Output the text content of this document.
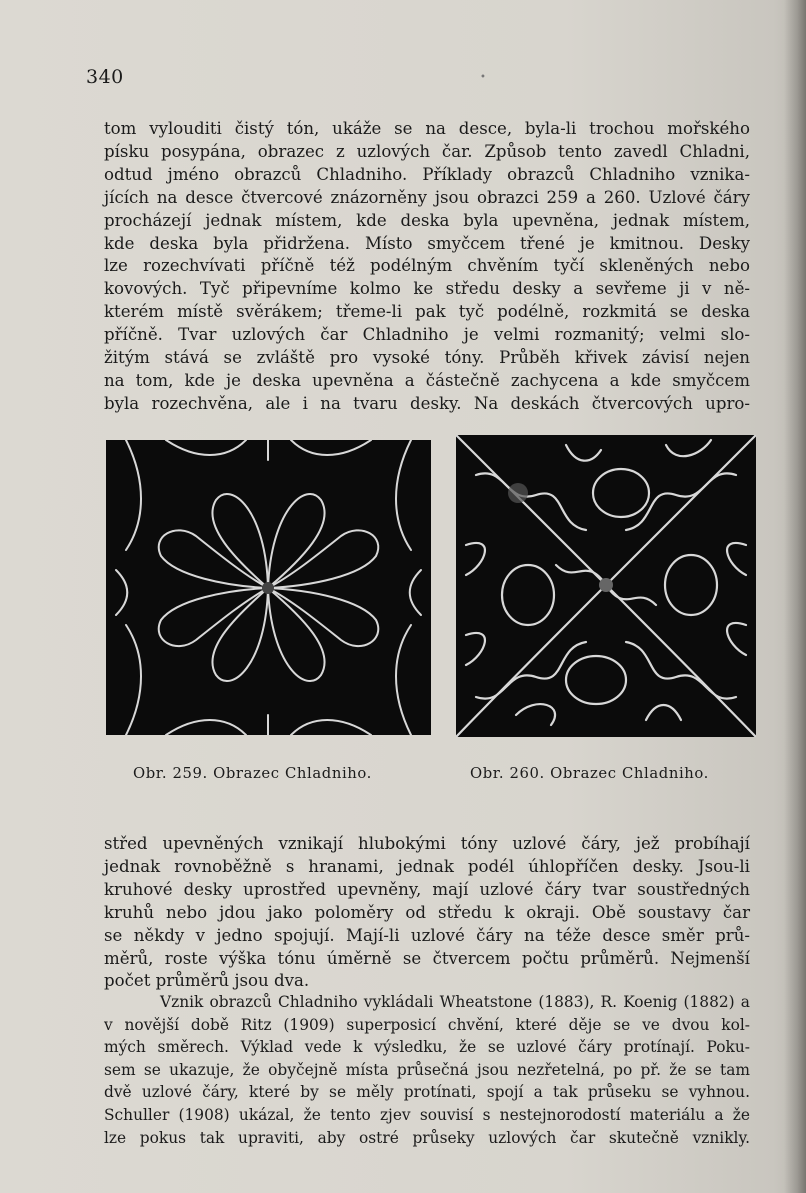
340	•
tom vylouditi čistý tón, ukáže se na desce, byla-li trochou mořského
písku posypána, obrazec z uzlových čar. Způsob tento zavedl Chladni,
odtud jméno obrazců Chladniho. Příklady obrazců Chladniho vznika-
jících na desce čtvercové znázorněny jsou obrazci 259 a 260. Uzlové čáry
procházejí jednak místem, kde deska byla upevněna, jednak místem,
kde deska byla přidržena. Místo smyčcem třené je kmitnou. Desky
lze rozechvívati příčně též podélným chvěním tyčí skleněných nebo
kovových. Tyč připevníme kolmo ke středu desky a sevřeme ji v ně-
kterém místě svěrákem; třeme-li pak tyč podélně, rozkmitá se deska
příčně. Tvar uzlových čar Chladniho je velmi rozmanitý; velmi slo-
žitým stává se zvláště pro vysoké tóny. Průběh křivek závisí nejen
na tom, kde je deska upevněna a částečně zachycena a kde smyčcem
byla rozechvěna, ale i na tvaru desky. Na deskách čtvercových upro-
Obr. 259. Obrazec Chladniho.	Obr. 260. Obrazec Chladniho.
střed upevněných vznikají hlubokými tóny uzlové čáry, jež probíhají
jednak rovnoběžně s hranami, jednak podél úhlopříčen desky. Jsou-li
kruhové desky uprostřed upevněny, mají uzlové čáry tvar soustředných
kruhů nebo jdou jako poloměry od středu k okraji. Obě soustavy čar
se někdy v jedno spojují. Mají-li uzlové čáry na téže desce směr prů-
měrů, roste výška tónu úměrně se čtvercem počtu průměrů. Nejmenší
počet průměrů jsou dva.
Vznik obrazců Chladniho vykládali Wheatstone (1883), R. Koenig (1882) a
v novější době Ritz (1909) superposicí chvění, které děje se ve dvou kol-
mých směrech. Výklad vede k výsledku, že se uzlové čáry protínají. Poku-
sem se ukazuje, že obyčejně místa průsečná jsou nezřetelná, po př. že se tam
dvě uzlové čáry, které by se měly protínati, spojí a tak průseku se vyhnou.
Schuller (1908) ukázal, že tento zjev souvisí s nestejnorodostí materiálu a že
lze pokus tak upraviti, aby ostré průseky uzlových čar skutečně vznikly.
